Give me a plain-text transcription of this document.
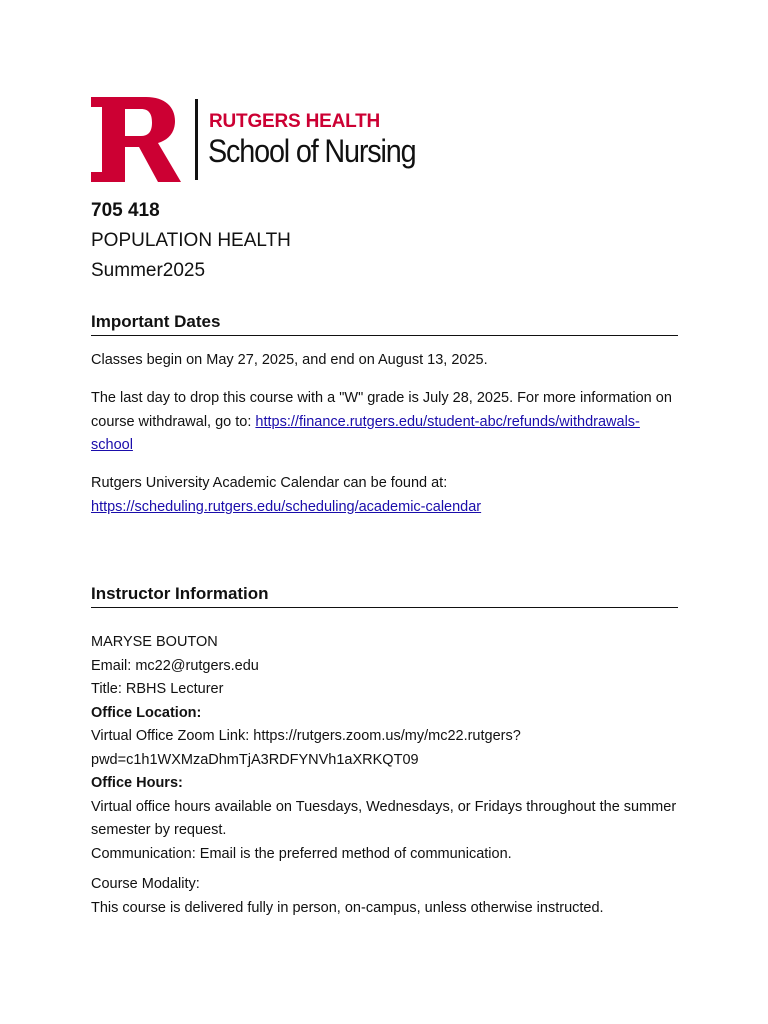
R
RUTGERS HEALTH
School of Nursing
705 418
POPULATION HEALTH
Summer2025
Important Dates
Classes begin on May 27, 2025, and end on August 13, 2025.
The last day to drop this course with a "W" grade is July 28, 2025. For more information on course withdrawal, go to: https://finance.rutgers.edu/student-abc/refunds/withdrawals-school
Rutgers University Academic Calendar can be found at:
https://scheduling.rutgers.edu/scheduling/academic-calendar
Instructor Information
MARYSE BOUTON
Email: mc22@rutgers.edu
Title: RBHS Lecturer
Office Location:
Virtual Office Zoom Link: https://rutgers.zoom.us/my/mc22.rutgers?
pwd=c1h1WXMzaDhmTjA3RDFYNVh1aXRKQT09
Office Hours:
Virtual office hours available on Tuesdays, Wednesdays, or Fridays throughout the summer semester by request.
Communication: Email is the preferred method of communication.
Course Modality:
This course is delivered fully in person, on-campus, unless otherwise instructed.
